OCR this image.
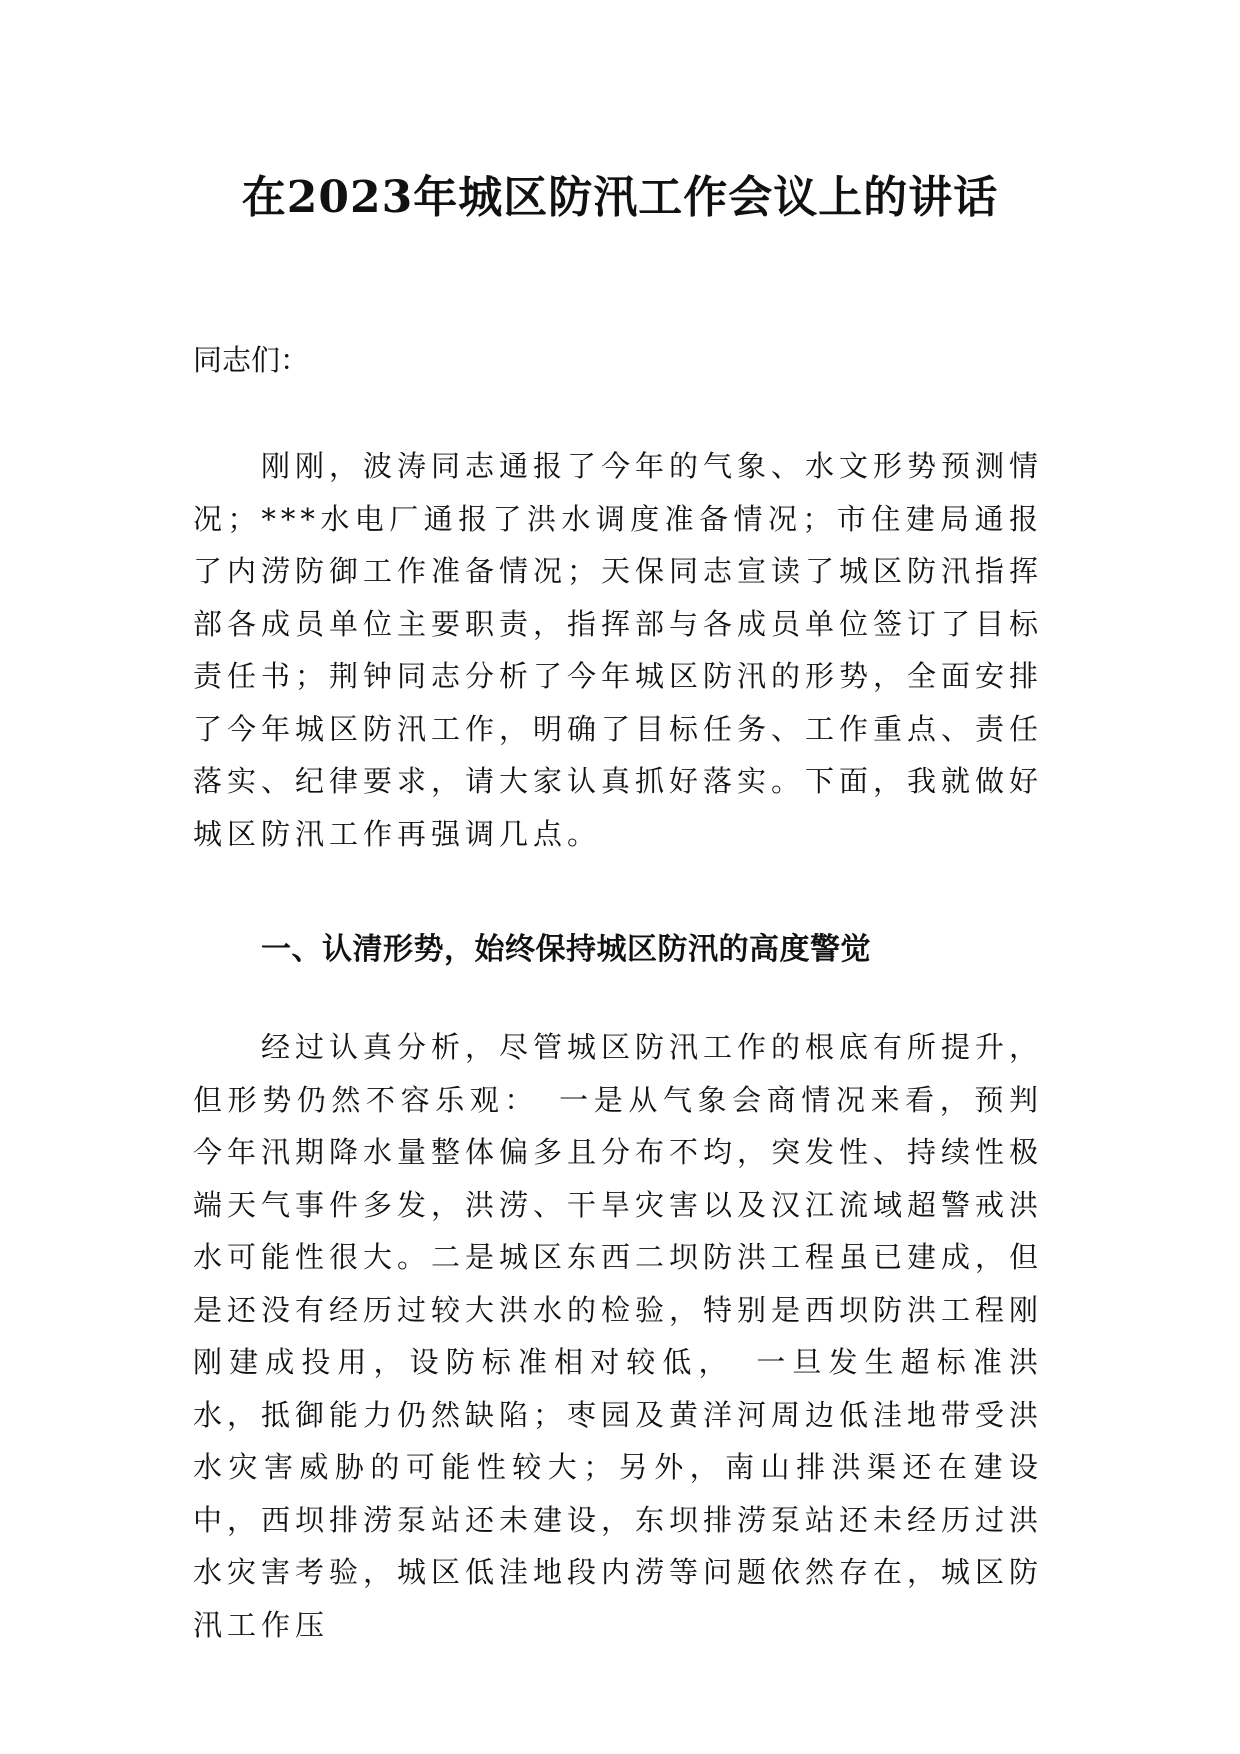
在2023年城区防汛工作会议上的讲话

同志们：

刚刚，波涛同志通报了今年的气象、水文形势预测情况；***水电厂通报了洪水调度准备情况；市住建局通报了内涝防御工作准备情况；天保同志宣读了城区防汛指挥部各成员单位主要职责，指挥部与各成员单位签订了目标责任书；荆钟同志分析了今年城区防汛的形势，全面安排了今年城区防汛工作，明确了目标任务、工作重点、责任落实、纪律要求，请大家认真抓好落实。下面，我就做好城区防汛工作再强调几点。

一、认清形势，始终保持城区防汛的高度警觉

经过认真分析，尽管城区防汛工作的根底有所提升，但形势仍然不容乐观：　一是从气象会商情况来看，预判今年汛期降水量整体偏多且分布不均，突发性、持续性极端天气事件多发，洪涝、干旱灾害以及汉江流域超警戒洪水可能性很大。二是城区东西二坝防洪工程虽已建成，但是还没有经历过较大洪水的检验，特别是西坝防洪工程刚刚建成投用，设防标准相对较低，　一旦发生超标准洪水，抵御能力仍然缺陷；枣园及黄洋河周边低洼地带受洪水灾害威胁的可能性较大；另外，南山排洪渠还在建设中，西坝排涝泵站还未建设，东坝排涝泵站还未经历过洪水灾害考验，城区低洼地段内涝等问题依然存在，城区防汛工作压
